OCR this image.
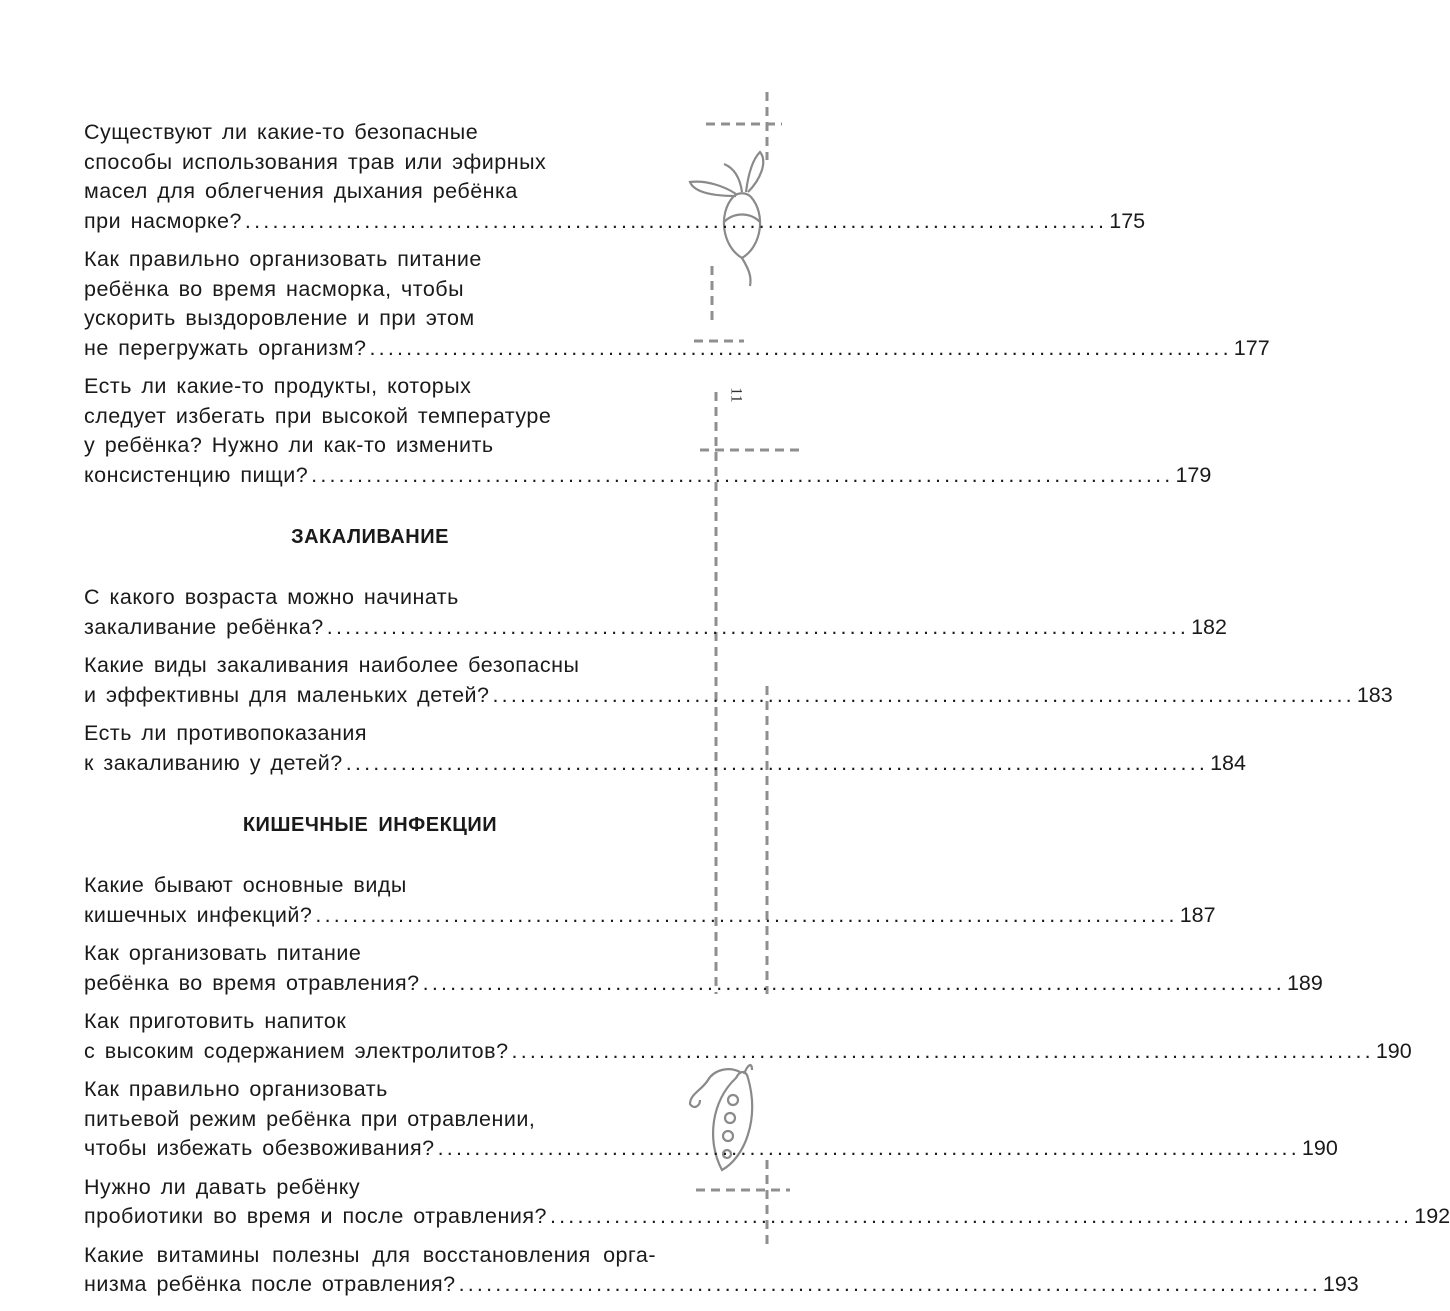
11
Существуют ли какие-то безопасные
способы использования трав или эфирных
масел для облегчения дыхания ребёнка
при насморке? .............................................................................................. 175
Как правильно организовать питание
ребёнка во время насморка, чтобы
ускорить выздоровление и при этом
не перегружать организм? .............................................................................................. 177
Есть ли какие-то продукты, которых
следует избегать при высокой температуре
у ребёнка? Нужно ли как-то изменить
консистенцию пищи? .............................................................................................. 179
ЗАКАЛИВАНИЕ
С какого возраста можно начинать
закаливание ребёнка? .............................................................................................. 182
Какие виды закаливания наиболее безопасны
и эффективны для маленьких детей? .............................................................................................. 183
Есть ли противопоказания
к закаливанию у детей? .............................................................................................. 184
КИШЕЧНЫЕ ИНФЕКЦИИ
Какие бывают основные виды
кишечных инфекций? .............................................................................................. 187
Как организовать питание
ребёнка во время отравления? .............................................................................................. 189
Как приготовить напиток
с высоким содержанием электролитов? .............................................................................................. 190
Как правильно организовать
питьевой режим ребёнка при отравлении,
чтобы избежать обезвоживания? .............................................................................................. 190
Нужно ли давать ребёнку
пробиотики во время и после отравления? .............................................................................................. 192
Какие витамины полезны для восстановления орга-
низма ребёнка после отравления? .............................................................................................. 193
